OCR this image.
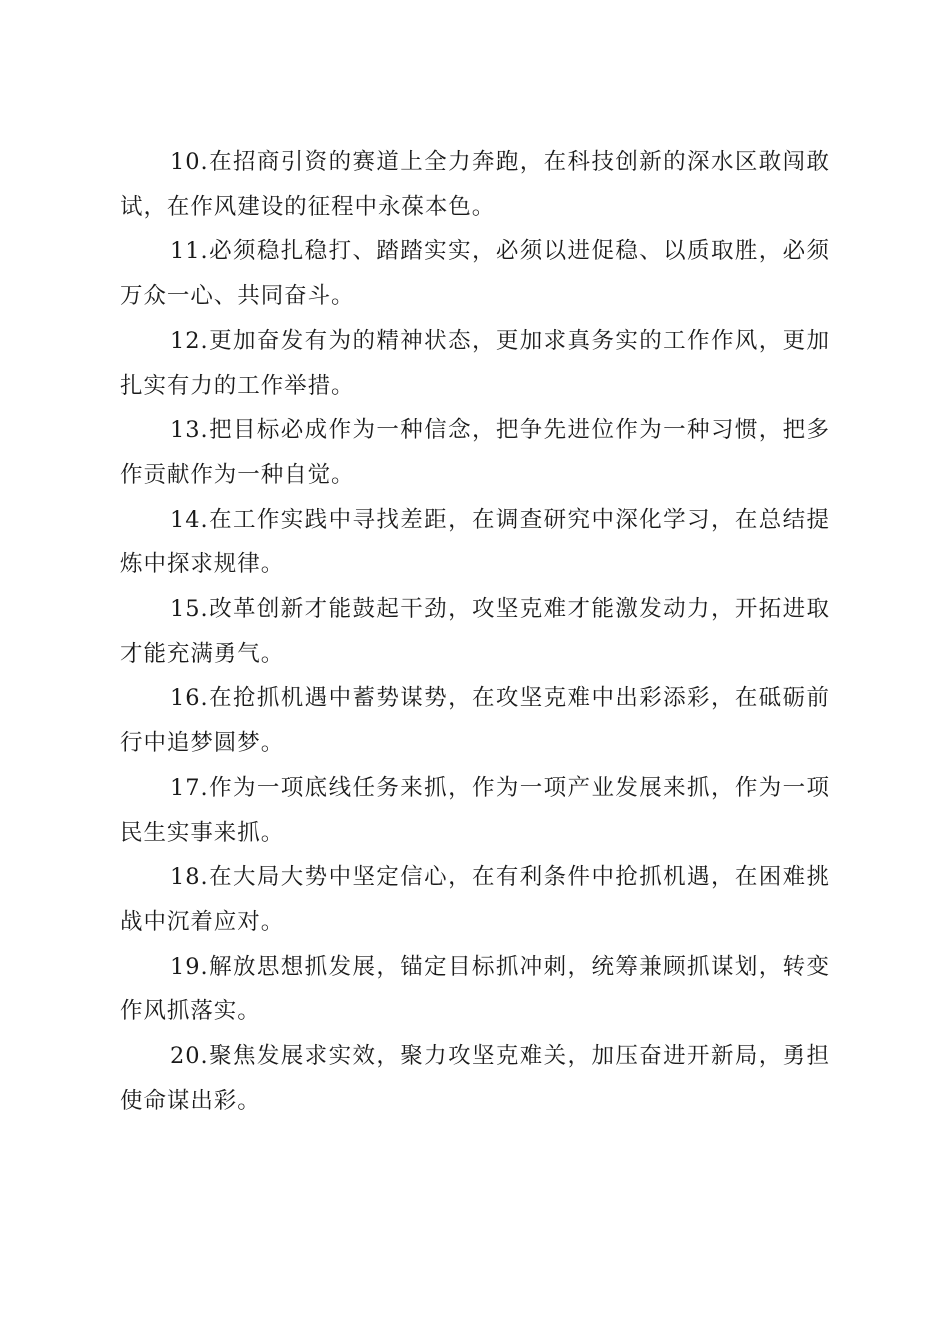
10.在招商引资的赛道上全力奔跑，在科技创新的深水区敢闯敢试，在作风建设的征程中永葆本色。

11.必须稳扎稳打、踏踏实实，必须以进促稳、以质取胜，必须万众一心、共同奋斗。

12.更加奋发有为的精神状态，更加求真务实的工作作风，更加扎实有力的工作举措。

13.把目标必成作为一种信念，把争先进位作为一种习惯，把多作贡献作为一种自觉。

14.在工作实践中寻找差距，在调查研究中深化学习，在总结提炼中探求规律。

15.改革创新才能鼓起干劲，攻坚克难才能激发动力，开拓进取才能充满勇气。

16.在抢抓机遇中蓄势谋势，在攻坚克难中出彩添彩，在砥砺前行中追梦圆梦。

17.作为一项底线任务来抓，作为一项产业发展来抓，作为一项民生实事来抓。

18.在大局大势中坚定信心，在有利条件中抢抓机遇，在困难挑战中沉着应对。

19.解放思想抓发展，锚定目标抓冲刺，统筹兼顾抓谋划，转变作风抓落实。

20.聚焦发展求实效，聚力攻坚克难关，加压奋进开新局，勇担使命谋出彩。
